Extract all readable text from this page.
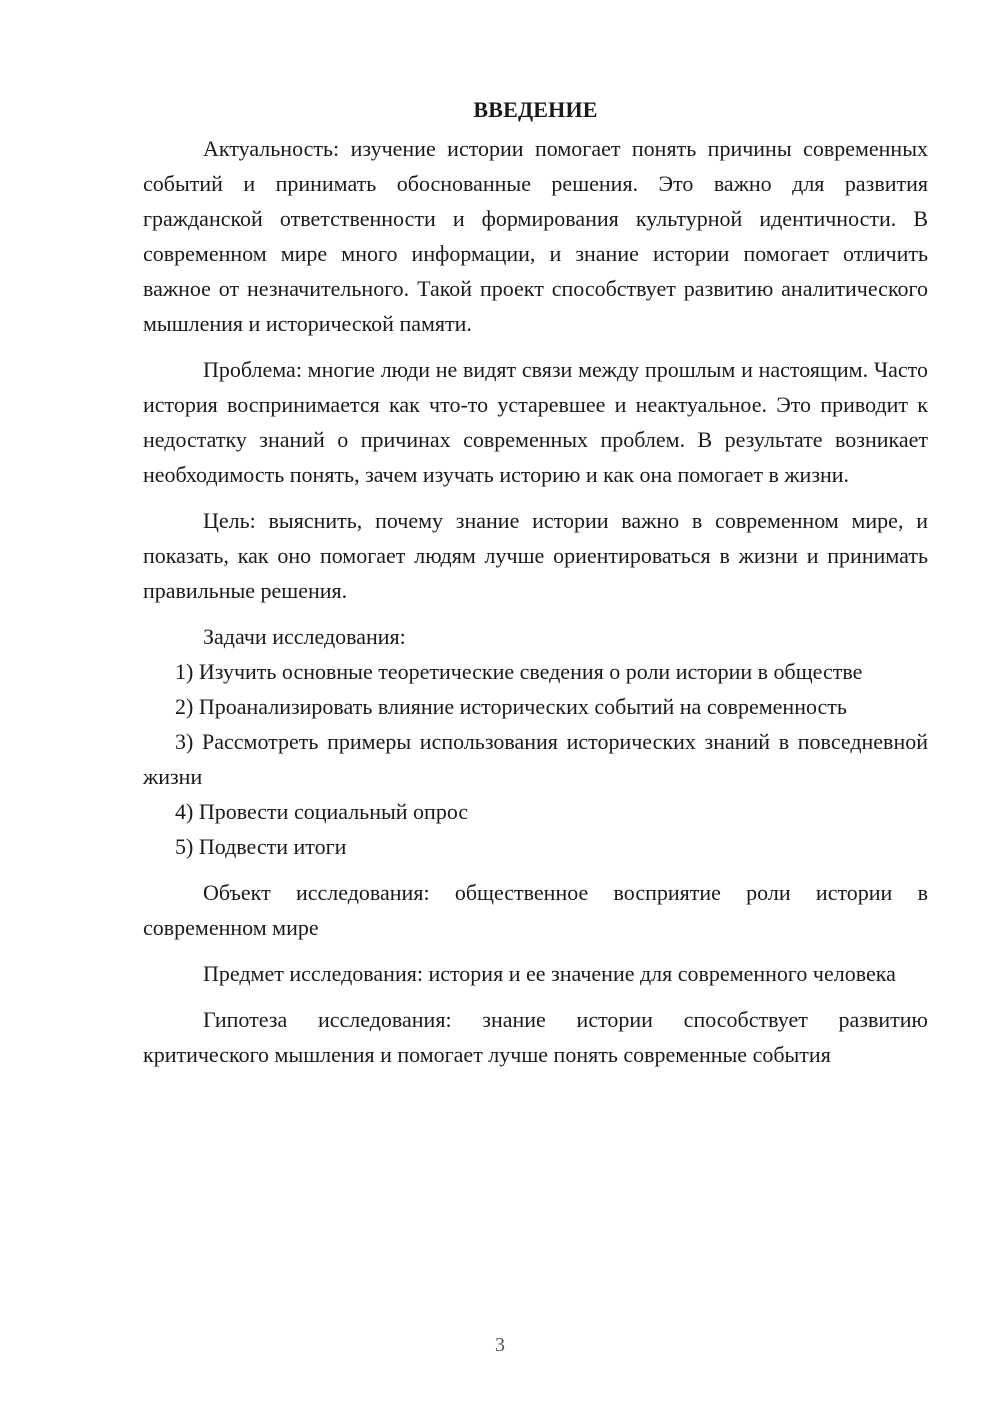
ВВЕДЕНИЕ

Актуальность: изучение истории помогает понять причины современных событий и принимать обоснованные решения. Это важно для развития гражданской ответственности и формирования культурной идентичности. В современном мире много информации, и знание истории помогает отличить важное от незначительного. Такой проект способствует развитию аналитического мышления и исторической памяти.

Проблема: многие люди не видят связи между прошлым и настоящим. Часто история воспринимается как что-то устаревшее и неактуальное. Это приводит к недостатку знаний о причинах современных проблем. В результате возникает необходимость понять, зачем изучать историю и как она помогает в жизни.

Цель: выяснить, почему знание истории важно в современном мире, и показать, как оно помогает людям лучше ориентироваться в жизни и принимать правильные решения.

Задачи исследования:

1) Изучить основные теоретические сведения о роли истории в обществе

2) Проанализировать влияние исторических событий на современность

3) Рассмотреть примеры использования исторических знаний в повседневной жизни

4) Провести социальный опрос

5) Подвести итоги

Объект исследования: общественное восприятие роли истории в современном мире

Предмет исследования: история и ее значение для современного человека

Гипотеза исследования: знание истории способствует развитию критического мышления и помогает лучше понять современные события

3
